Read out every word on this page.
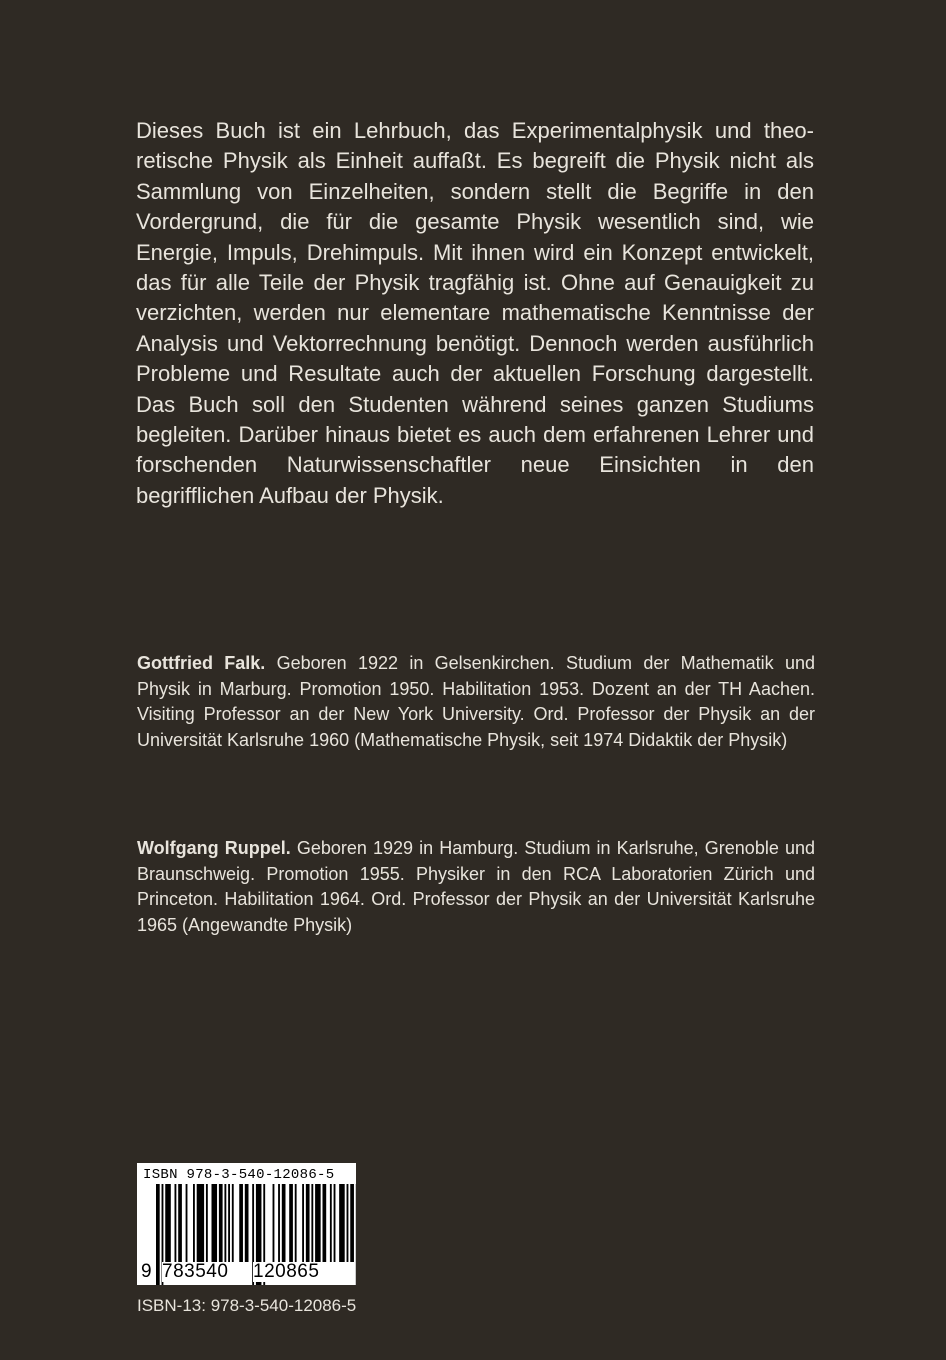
Dieses Buch ist ein Lehrbuch, das Experimentalphysik und theoretische Physik als Einheit auffaßt. Es begreift die Physik nicht als Sammlung von Einzelheiten, sondern stellt die Begriffe in den Vordergrund, die für die gesamte Physik wesentlich sind, wie Energie, Impuls, Drehimpuls. Mit ihnen wird ein Konzept entwickelt, das für alle Teile der Physik tragfähig ist. Ohne auf Genauigkeit zu verzichten, werden nur elementare mathematische Kenntnisse der Analysis und Vektorrechnung benötigt. Dennoch werden ausführlich Probleme und Resultate auch der aktuellen Forschung dargestellt. Das Buch soll den Studenten während seines ganzen Studiums begleiten. Darüber hinaus bietet es auch dem erfahrenen Lehrer und forschenden Naturwissenschaftler neue Einsichten in den begrifflichen Aufbau der Physik.
Gottfried Falk. Geboren 1922 in Gelsenkirchen. Studium der Mathematik und Physik in Marburg. Promotion 1950. Habilitation 1953. Dozent an der TH Aachen. Visiting Professor an der New York University. Ord. Professor der Physik an der Universität Karlsruhe 1960 (Mathematische Physik, seit 1974 Didaktik der Physik)
Wolfgang Ruppel. Geboren 1929 in Hamburg. Studium in Karlsruhe, Grenoble und Braunschweig. Promotion 1955. Physiker in den RCA Laboratorien Zürich und Princeton. Habilitation 1964. Ord. Professor der Physik an der Universität Karlsruhe 1965 (Angewandte Physik)
ISBN 978-3-540-12086-5
9 783540 120865
ISBN-13: 978-3-540-12086-5
